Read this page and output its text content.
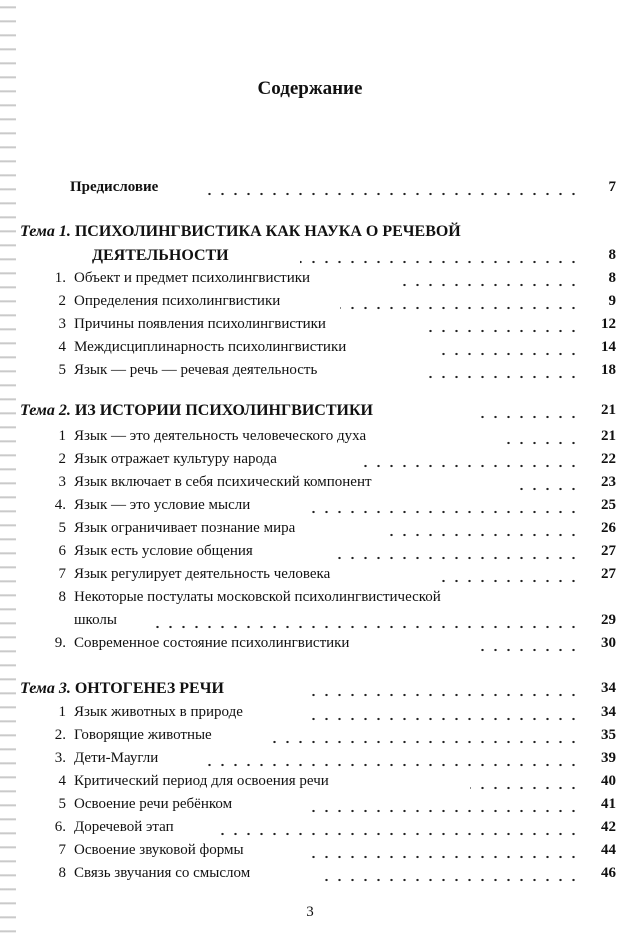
Содержание
Предисловие	7
Тема 1. ПСИХОЛИНГВИСТИКА КАК НАУКА О РЕЧЕВОЙ
ДЕЯТЕЛЬНОСТИ	8
1. Объект и предмет психолингвистики	8
2 Определения психолингвистики	9
3 Причины появления психолингвистики	12
4 Междисциплинарность психолингвистики	14
5 Язык — речь — речевая деятельность	18
Тема 2. ИЗ ИСТОРИИ ПСИХОЛИНГВИСТИКИ	21
1 Язык — это деятельность человеческого духа	21
2 Язык отражает культуру народа	22
3 Язык включает в себя психический компонент	23
4. Язык — это условие мысли	25
5 Язык ограничивает познание мира	26
6 Язык есть условие общения	27
7 Язык регулирует деятельность человека	27
8 Некоторые постулаты московской психолингвистической
школы	29
9. Современное состояние психолингвистики	30
Тема 3. ОНТОГЕНЕЗ РЕЧИ	34
1 Язык животных в природе	34
2. Говорящие животные	35
3. Дети-Маугли	39
4 Критический период для освоения речи	40
5 Освоение речи ребёнком	41
6. Доречевой этап	42
7 Освоение звуковой формы	44
8 Связь звучания со смыслом	46
3
